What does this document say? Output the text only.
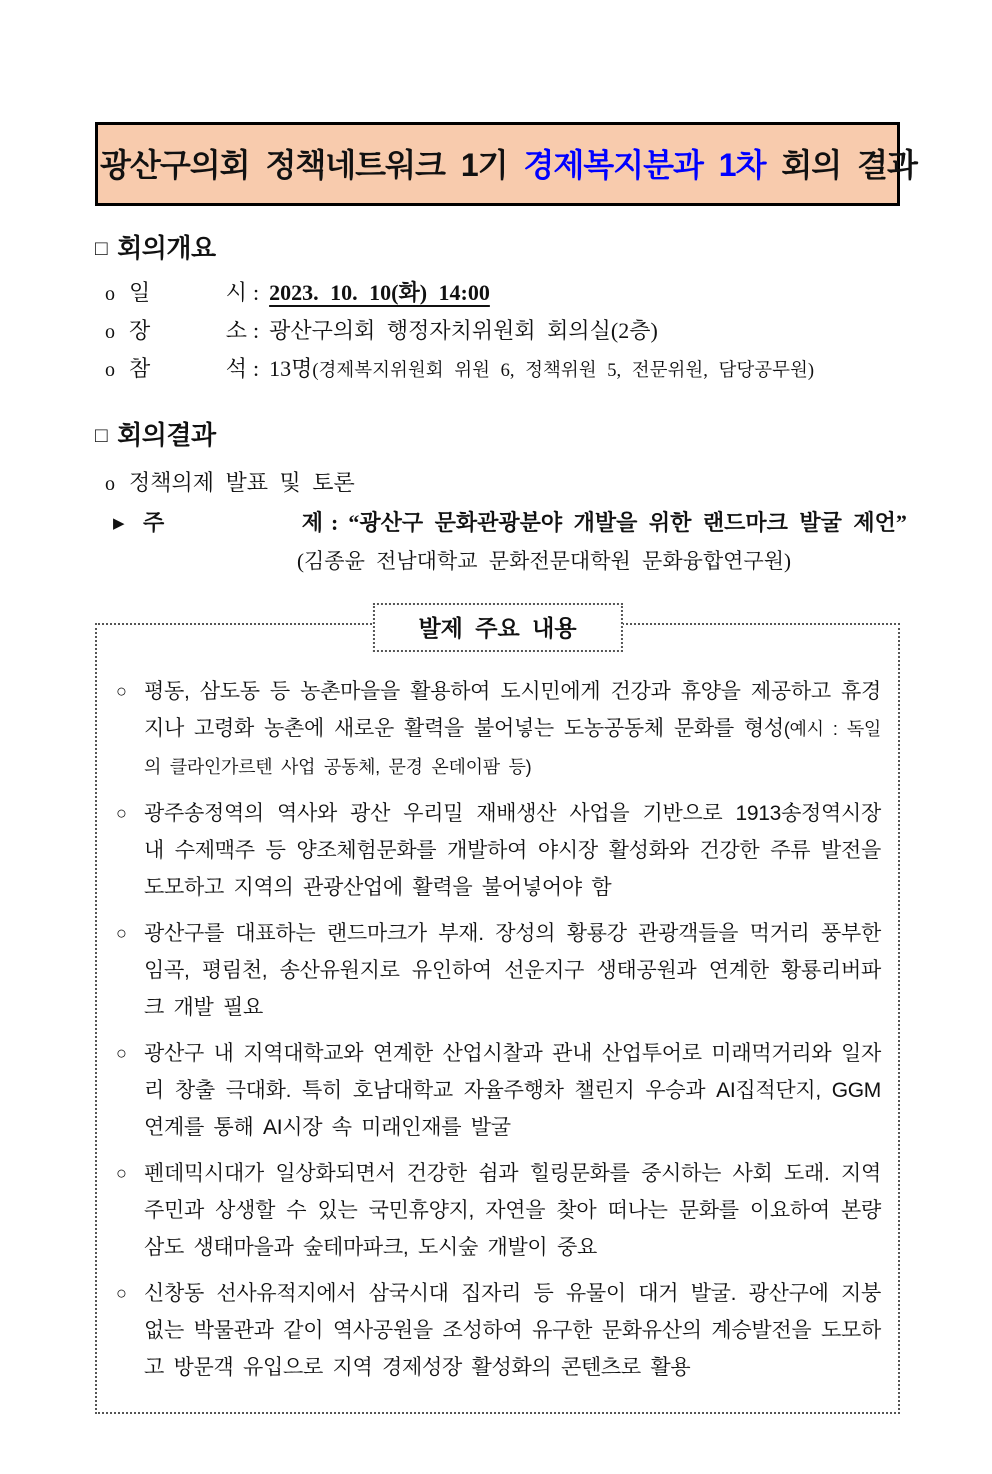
광산구의회 정책네트워크 1기 경제복지분과 1차 회의 결과
□ 회의개요
o 일	시 : 2023. 10. 10(화) 14:00
o 장	소 : 광산구의회 행정자치위원회 회의실(2층)
o 참	석 : 13명(경제복지위원회 위원 6, 정책위원 5, 전문위원, 담당공무원)
□ 회의결과
o 정책의제 발표 및 토론
▶ 주	제 : “광산구 문화관광분야 개발을 위한 랜드마크 발굴 제언”
(김종윤 전남대학교 문화전문대학원 문화융합연구원)
발제 주요 내용
○ 평동, 삼도동 등 농촌마을을 활용하여 도시민에게 건강과 휴양을 제공하고 휴경지나 고령화 농촌에 새로운 활력을 불어넣는 도농공동체 문화를 형성(예시 : 독일의 클라인가르텐 사업 공동체, 문경 온데이팜 등)
○ 광주송정역의 역사와 광산 우리밀 재배생산 사업을 기반으로 1913송정역시장 내 수제맥주 등 양조체험문화를 개발하여 야시장 활성화와 건강한 주류 발전을 도모하고 지역의 관광산업에 활력을 불어넣어야 함
○ 광산구를 대표하는 랜드마크가 부재. 장성의 황룡강 관광객들을 먹거리 풍부한 임곡, 평림천, 송산유원지로 유인하여 선운지구 생태공원과 연계한 황룡리버파크 개발 필요
○ 광산구 내 지역대학교와 연계한 산업시찰과 관내 산업투어로 미래먹거리와 일자리 창출 극대화. 특히 호남대학교 자율주행차 챌린지 우승과 AI집적단지, GGM 연계를 통해 AI시장 속 미래인재를 발굴
○ 펜데믹시대가 일상화되면서 건강한 쉼과 힐링문화를 중시하는 사회 도래. 지역주민과 상생할 수 있는 국민휴양지, 자연을 찾아 떠나는 문화를 이요하여 본량삼도 생태마을과 숲테마파크, 도시숲 개발이 중요
○ 신창동 선사유적지에서 삼국시대 집자리 등 유물이 대거 발굴. 광산구에 지붕 없는 박물관과 같이 역사공원을 조성하여 유구한 문화유산의 계승발전을 도모하고 방문객 유입으로 지역 경제성장 활성화의 콘텐츠로 활용
